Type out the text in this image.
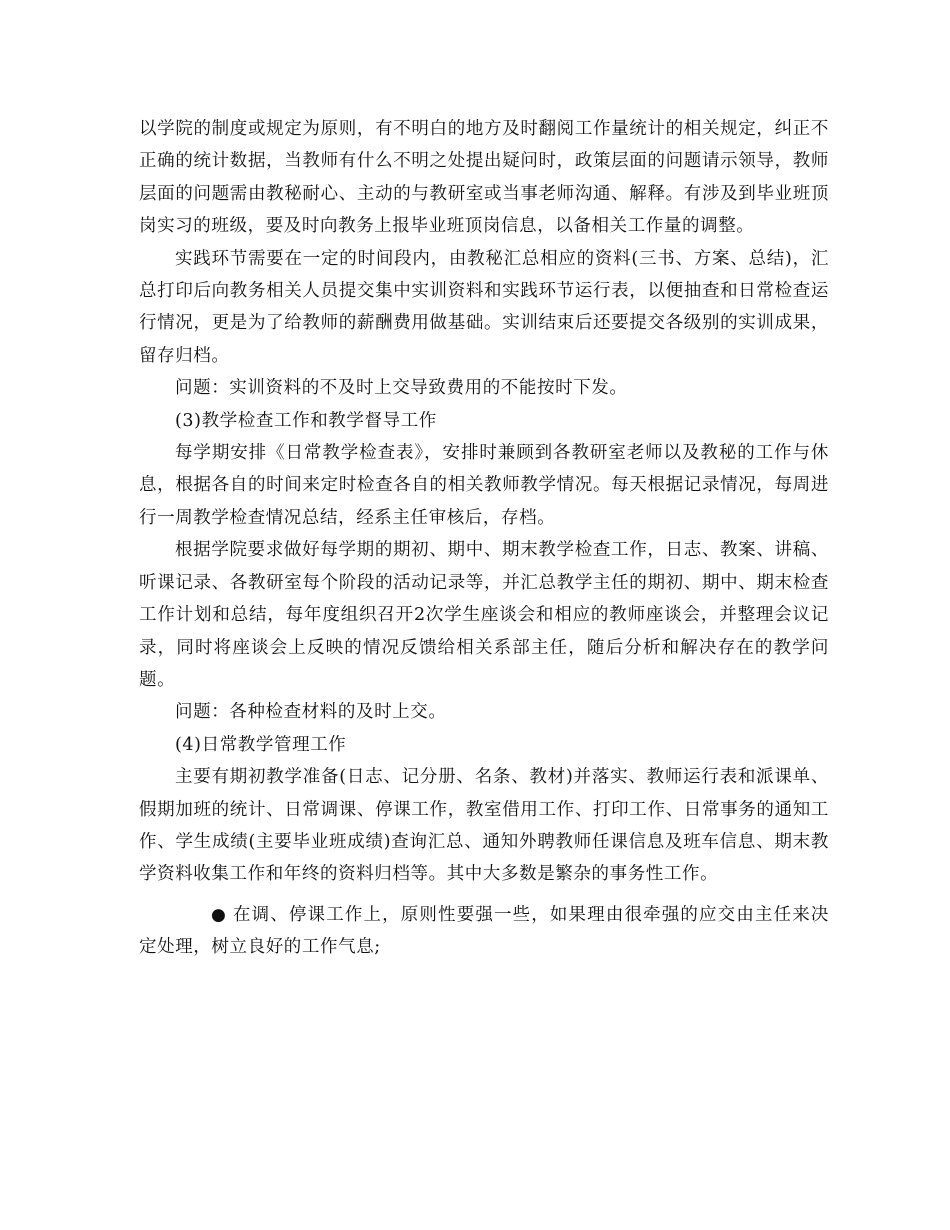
以学院的制度或规定为原则，有不明白的地方及时翻阅工作量统计的相关规定，纠正不正确的统计数据，当教师有什么不明之处提出疑问时，政策层面的问题请示领导，教师层面的问题需由教秘耐心、主动的与教研室或当事老师沟通、解释。有涉及到毕业班顶岗实习的班级，要及时向教务上报毕业班顶岗信息，以备相关工作量的调整。

实践环节需要在一定的时间段内，由教秘汇总相应的资料(三书、方案、总结)，汇总打印后向教务相关人员提交集中实训资料和实践环节运行表，以便抽查和日常检查运行情况，更是为了给教师的薪酬费用做基础。实训结束后还要提交各级别的实训成果，留存归档。

问题：实训资料的不及时上交导致费用的不能按时下发。

(3)教学检查工作和教学督导工作

每学期安排《日常教学检查表》，安排时兼顾到各教研室老师以及教秘的工作与休息，根据各自的时间来定时检查各自的相关教师教学情况。每天根据记录情况，每周进行一周教学检查情况总结，经系主任审核后，存档。

根据学院要求做好每学期的期初、期中、期末教学检查工作，日志、教案、讲稿、听课记录、各教研室每个阶段的活动记录等，并汇总教学主任的期初、期中、期末检查工作计划和总结，每年度组织召开2次学生座谈会和相应的教师座谈会，并整理会议记录，同时将座谈会上反映的情况反馈给相关系部主任，随后分析和解决存在的教学问题。

问题：各种检查材料的及时上交。

(4)日常教学管理工作

主要有期初教学准备(日志、记分册、名条、教材)并落实、教师运行表和派课单、假期加班的统计、日常调课、停课工作，教室借用工作、打印工作、日常事务的通知工作、学生成绩(主要毕业班成绩)查询汇总、通知外聘教师任课信息及班车信息、期末教学资料收集工作和年终的资料归档等。其中大多数是繁杂的事务性工作。

● 在调、停课工作上，原则性要强一些，如果理由很牵强的应交由主任来决定处理，树立良好的工作气息;
